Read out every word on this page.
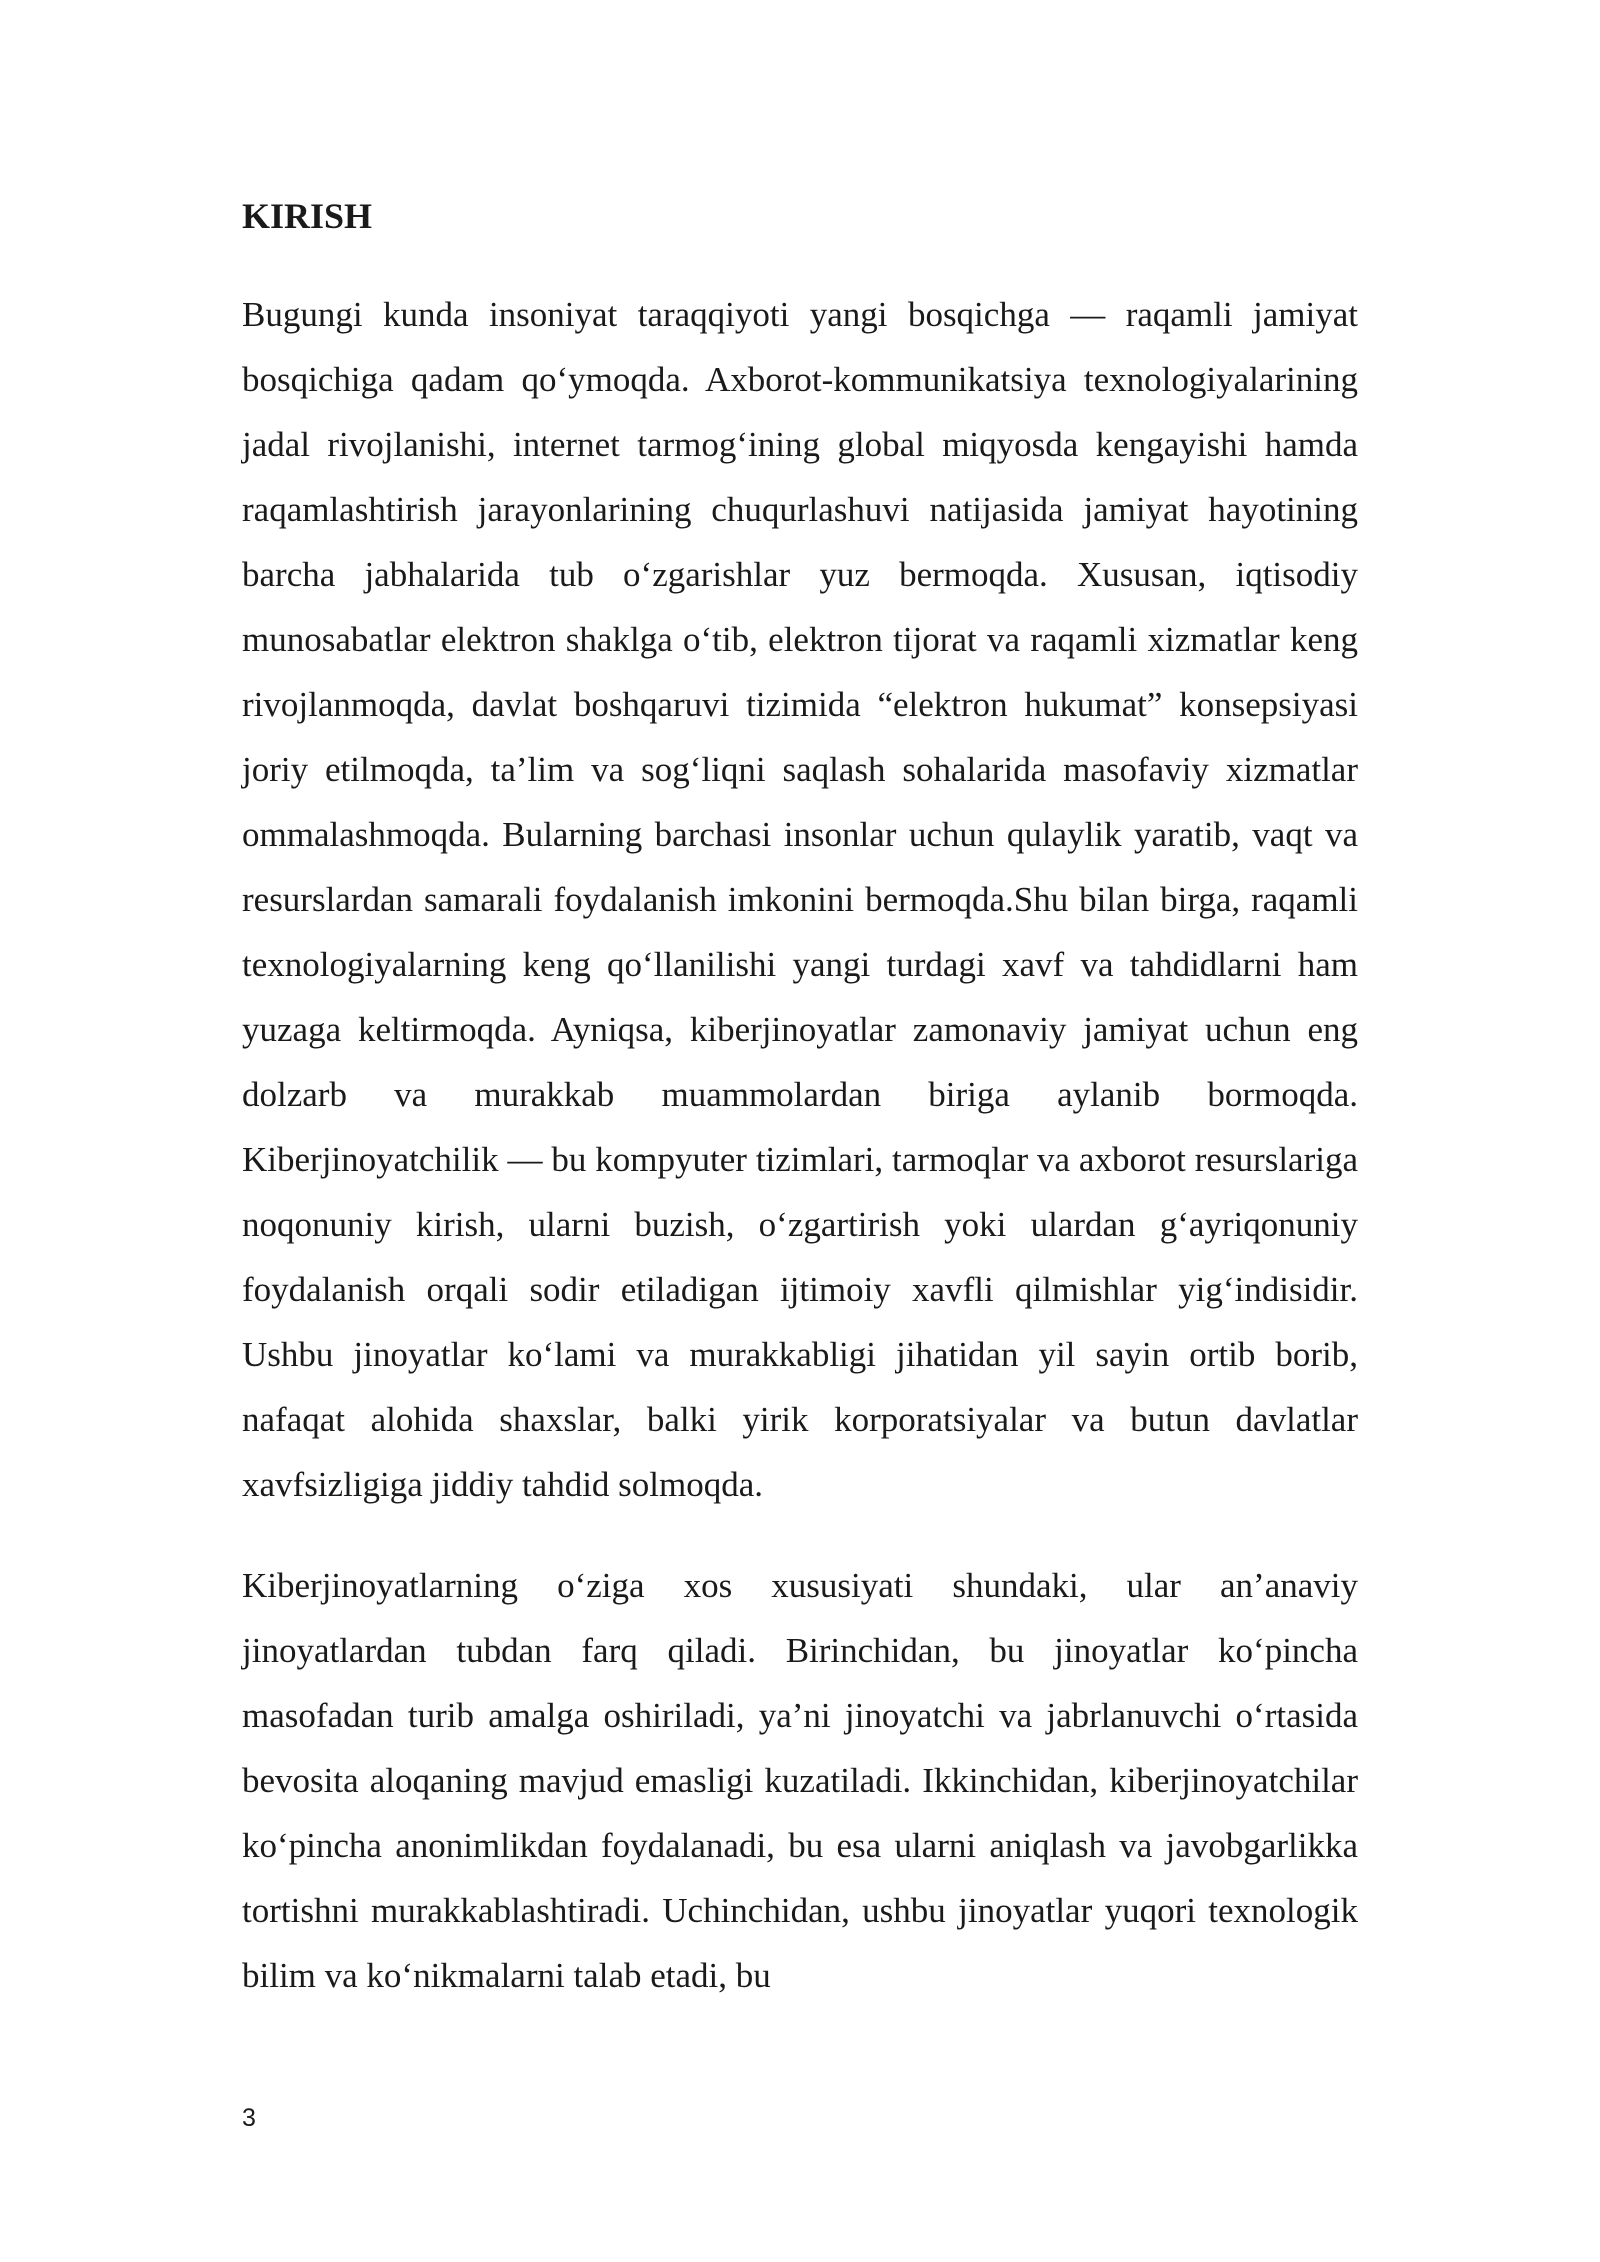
KIRISH

Bugungi kunda insoniyat taraqqiyoti yangi bosqichga — raqamli jamiyat bosqichiga qadam qo‘ymoqda. Axborot-kommunikatsiya texnologiyalarining jadal rivojlanishi, internet tarmog‘ining global miqyosda kengayishi hamda raqamlashtirish jarayonlarining chuqurlashuvi natijasida jamiyat hayotining barcha jabhalarida tub o‘zgarishlar yuz bermoqda. Xususan, iqtisodiy munosabatlar elektron shaklga o‘tib, elektron tijorat va raqamli xizmatlar keng rivojlanmoqda, davlat boshqaruvi tizimida “elektron hukumat” konsepsiyasi joriy etilmoqda, ta’lim va sog‘liqni saqlash sohalarida masofaviy xizmatlar ommalashmoqda. Bularning barchasi insonlar uchun qulaylik yaratib, vaqt va resurslardan samarali foydalanish imkonini bermoqda.Shu bilan birga, raqamli texnologiyalarning keng qo‘llanilishi yangi turdagi xavf va tahdidlarni ham yuzaga keltirmoqda. Ayniqsa, kiberjinoyatlar zamonaviy jamiyat uchun eng dolzarb va murakkab muammolardan biriga aylanib bormoqda. Kiberjinoyatchilik — bu kompyuter tizimlari, tarmoqlar va axborot resurslariga noqonuniy kirish, ularni buzish, o‘zgartirish yoki ulardan g‘ayriqonuniy foydalanish orqali sodir etiladigan ijtimoiy xavfli qilmishlar yig‘indisidir. Ushbu jinoyatlar ko‘lami va murakkabligi jihatidan yil sayin ortib borib, nafaqat alohida shaxslar, balki yirik korporatsiyalar va butun davlatlar xavfsizligiga jiddiy tahdid solmoqda.

Kiberjinoyatlarning o‘ziga xos xususiyati shundaki, ular an’anaviy jinoyatlardan tubdan farq qiladi. Birinchidan, bu jinoyatlar ko‘pincha masofadan turib amalga oshiriladi, ya’ni jinoyatchi va jabrlanuvchi o‘rtasida bevosita aloqaning mavjud emasligi kuzatiladi. Ikkinchidan, kiberjinoyatchilar ko‘pincha anonimlikdan foydalanadi, bu esa ularni aniqlash va javobgarlikka tortishni murakkablashtiradi. Uchinchidan, ushbu jinoyatlar yuqori texnologik bilim va ko‘nikmalarni talab etadi, bu

3
